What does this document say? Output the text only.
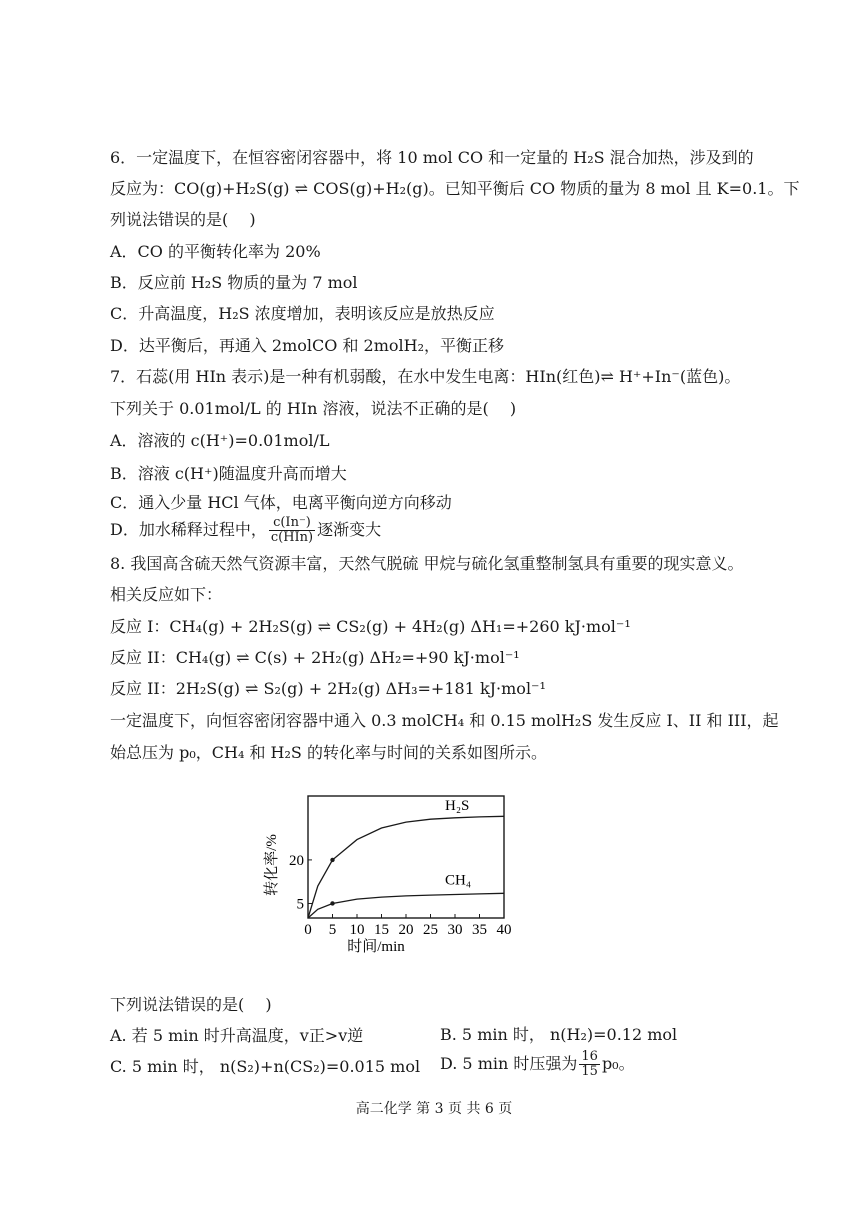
6．一定温度下，在恒容密闭容器中，将 10 mol CO 和一定量的 H₂S 混合加热，涉及到的
反应为：CO(g)+H₂S(g) ⇌ COS(g)+H₂(g)。已知平衡后 CO 物质的量为 8 mol 且 K=0.1。下
列说法错误的是(　 )
A．CO 的平衡转化率为 20%
B．反应前 H₂S 物质的量为 7 mol
C．升高温度，H₂S 浓度增加，表明该反应是放热反应
D．达平衡后，再通入 2molCO 和 2molH₂，平衡正移
7．石蕊(用 HIn 表示)是一种有机弱酸，在水中发生电离：HIn(红色)⇌ H⁺+In⁻(蓝色)。
下列关于 0.01mol/L 的 HIn 溶液，说法不正确的是(　 )
A．溶液的 c(H⁺)=0.01mol/L
B．溶液 c(H⁺)随温度升高而增大
C．通入少量 HCl 气体，电离平衡向逆方向移动
D．加水稀释过程中， $\frac{c(In^-)}{\text{c(HIn)}}$ 逐渐变大
8. 我国高含硫天然气资源丰富，天然气脱硫 甲烷与硫化氢重整制氢具有重要的现实意义。
相关反应如下：
反应 I：CH₄(g) + 2H₂S(g) ⇌ CS₂(g) + 4H₂(g) ΔH₁=+260 kJ·mol⁻¹
反应 II：CH₄(g) ⇌ C(s) + 2H₂(g) ΔH₂=+90 kJ·mol⁻¹
反应 II：2H₂S(g) ⇌ S₂(g) + 2H₂(g) ΔH₃=+181 kJ·mol⁻¹
一定温度下，向恒容密闭容器中通入 0.3 molCH₄ 和 0.15 molH₂S 发生反应 I、II 和 III，起
始总压为 p₀，CH₄ 和 H₂S 的转化率与时间的关系如图所示。
0 5 10 15 20 25 30 35 40
5
20
H₂S
CH₄
转化率/%
时间/min
下列说法错误的是(　 )
A. 若 5 min 时升高温度，v正>v逆	B. 5 min 时， n(H₂)=0.12 mol
C. 5 min 时， n(S₂)+n(CS₂)=0.015 mol D. 5 min 时压强为 $\frac{16}{15} p_0$。
高二化学 第 3 页 共 6 页
